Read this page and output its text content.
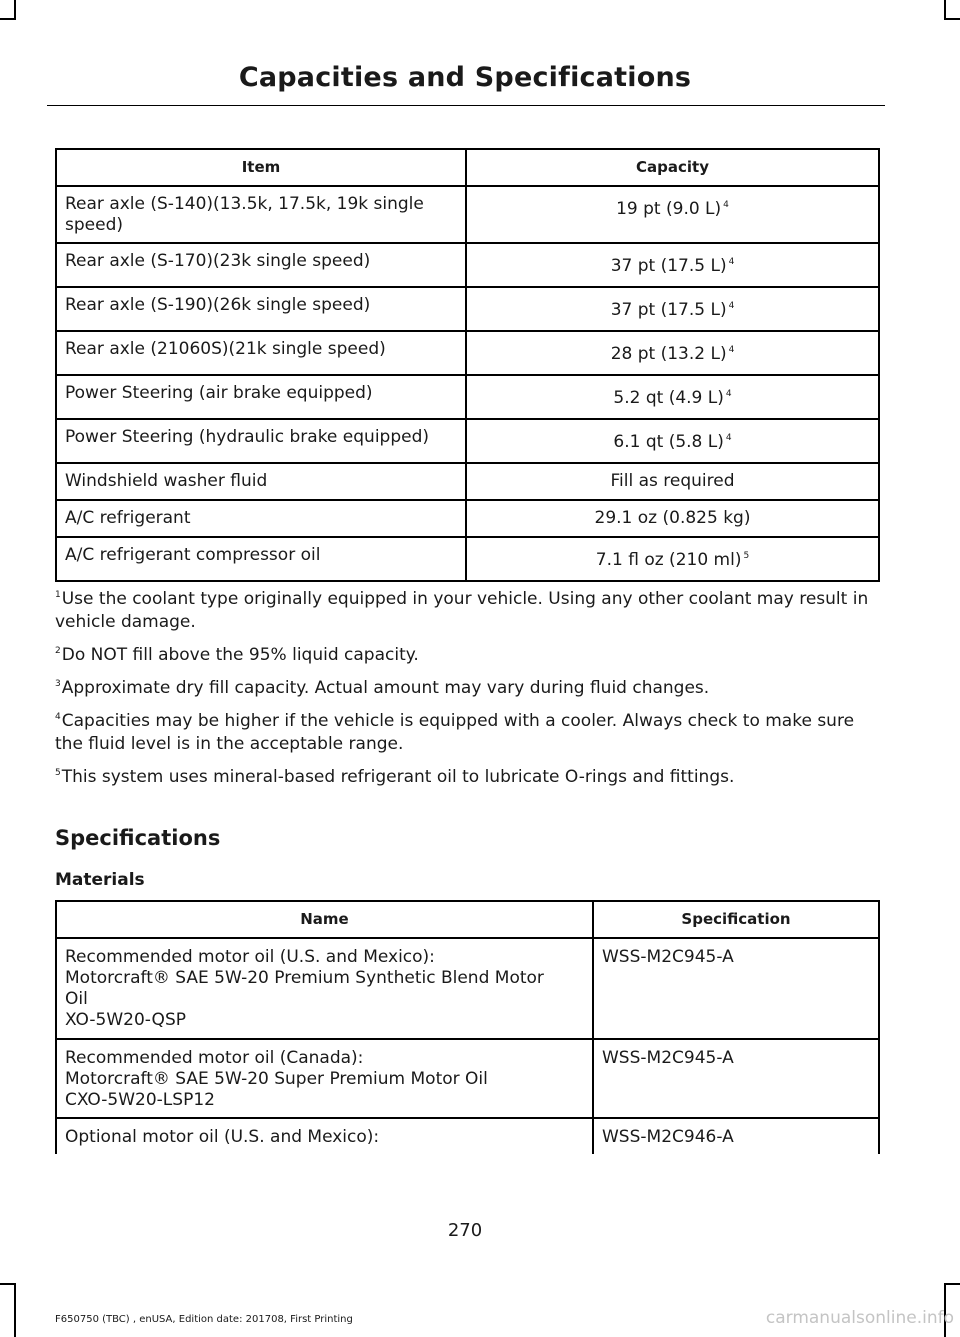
Capacities and Specifications
Item	Capacity
Rear axle (S-140)(13.5k, 17.5k, 19k single speed)	19 pt (9.0 L) $^4$
Rear axle (S-170)(23k single speed)	37 pt (17.5 L) $^4$
Rear axle (S-190)(26k single speed)	37 pt (17.5 L) $^4$
Rear axle (21060S)(21k single speed)	28 pt (13.2 L) $^4$
Power Steering (air brake equipped)	5.2 qt (4.9 L) $^4$
Power Steering (hydraulic brake equipped)	6.1 qt (5.8 L) $^4$
Windshield washer fluid	Fill as required
A/C refrigerant	29.1 oz (0.825 kg)
A/C refrigerant compressor oil	7.1 fl oz (210 ml) $^5$

$^1$Use the coolant type originally equipped in your vehicle. Using any other coolant may result in vehicle damage.

$^2$Do NOT fill above the 95% liquid capacity.

$^3$Approximate dry fill capacity. Actual amount may vary during fluid changes.

$^4$Capacities may be higher if the vehicle is equipped with a cooler. Always check to make sure the fluid level is in the acceptable range.

$^5$This system uses mineral-based refrigerant oil to lubricate O-rings and fittings.

Specifications
Materials
Name	Specification

Recommended motor oil (U.S. and Mexico):
Motorcraft® SAE 5W-20 Premium Synthetic Blend Motor
Oil
XO-5W20-QSP	WSS-M2C945-A

Recommended motor oil (Canada):
Motorcraft® SAE 5W-20 Super Premium Motor Oil
CXO-5W20-LSP12	WSS-M2C945-A

Optional motor oil (U.S. and Mexico):	WSS-M2C946-A
270
F650750 (TBC) , enUSA, Edition date: 201708, First Printing	carmanualsonline.info
